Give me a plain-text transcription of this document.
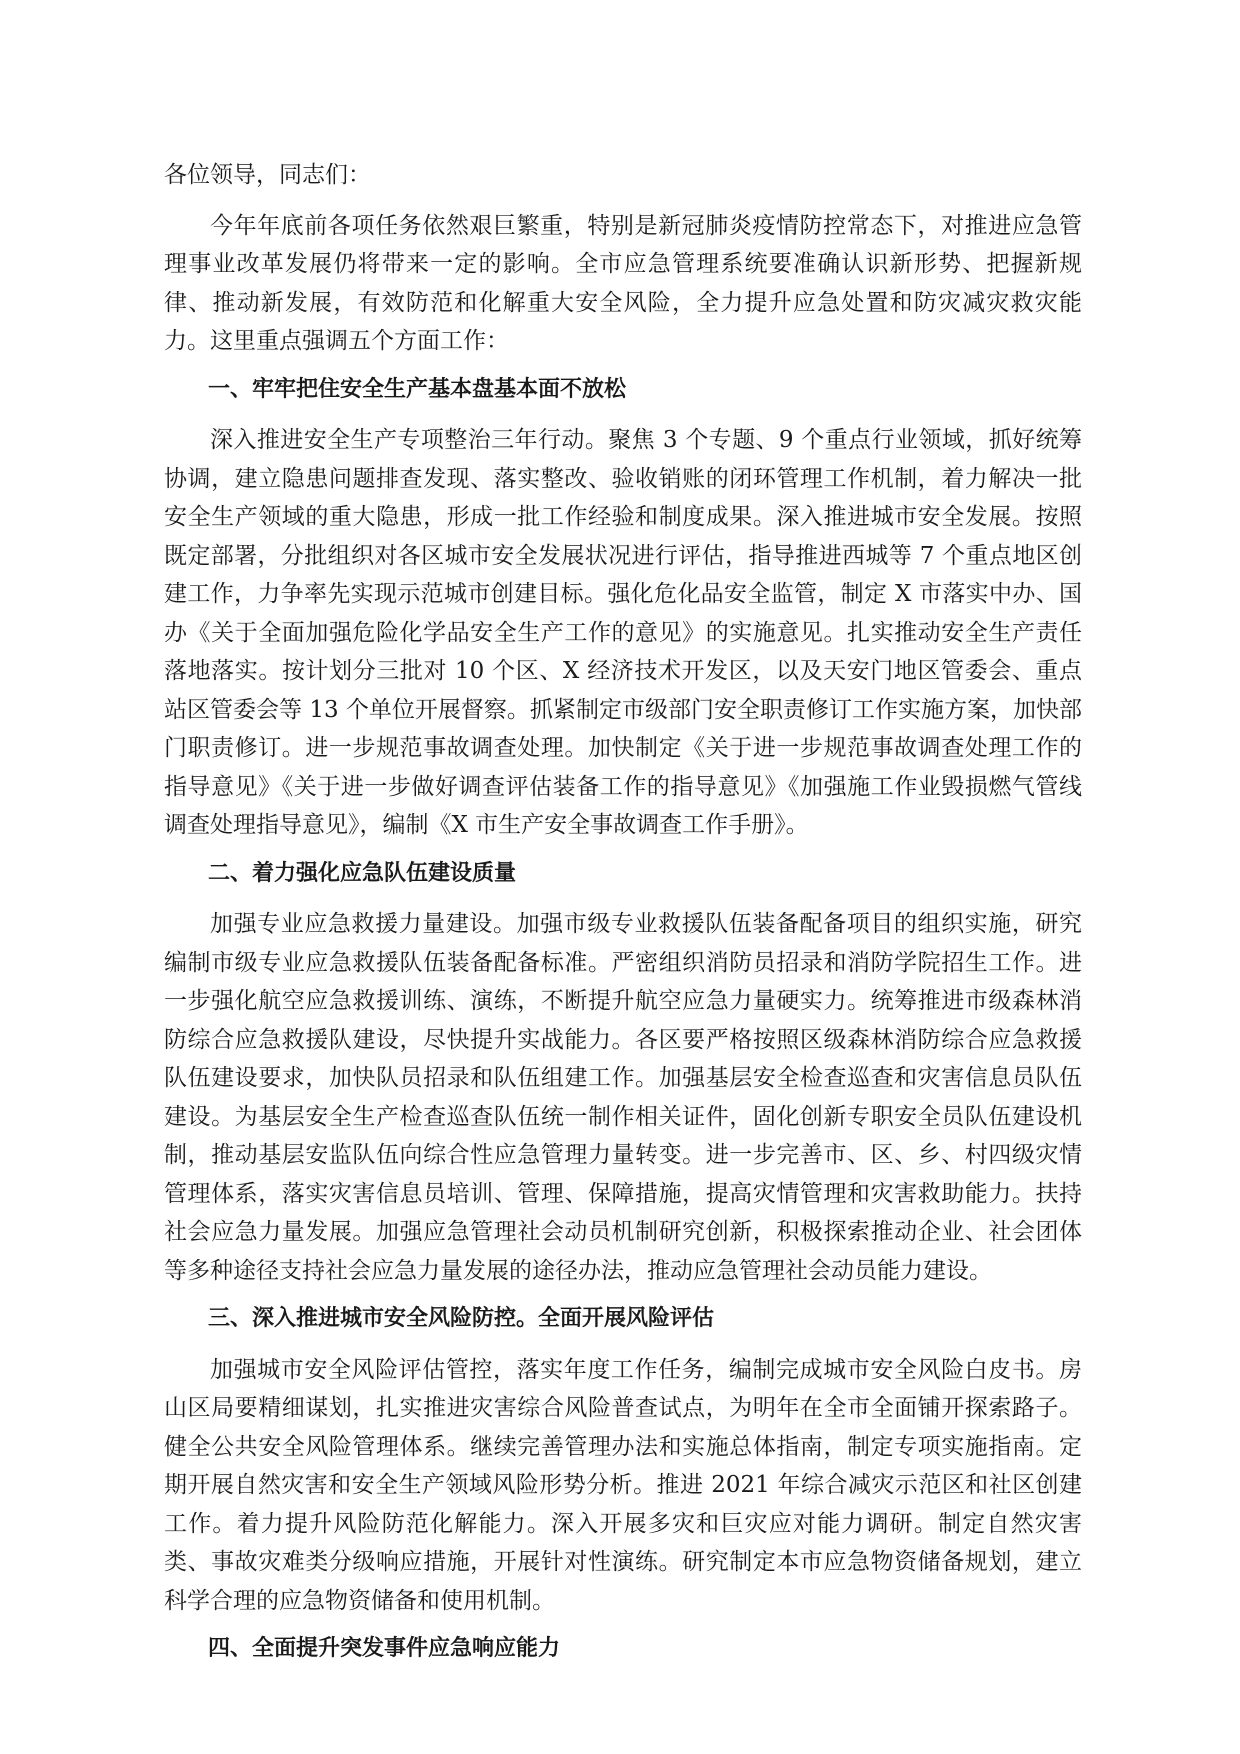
各位领导，同志们：

今年年底前各项任务依然艰巨繁重，特别是新冠肺炎疫情防控常态下，对推进应急管理事业改革发展仍将带来一定的影响。全市应急管理系统要准确认识新形势、把握新规律、推动新发展，有效防范和化解重大安全风险，全力提升应急处置和防灾减灾救灾能力。这里重点强调五个方面工作：

一、牢牢把住安全生产基本盘基本面不放松

深入推进安全生产专项整治三年行动。聚焦 3 个专题、9 个重点行业领域，抓好统筹协调，建立隐患问题排查发现、落实整改、验收销账的闭环管理工作机制，着力解决一批安全生产领域的重大隐患，形成一批工作经验和制度成果。深入推进城市安全发展。按照既定部署，分批组织对各区城市安全发展状况进行评估，指导推进西城等 7 个重点地区创建工作，力争率先实现示范城市创建目标。强化危化品安全监管，制定 X 市落实中办、国办《关于全面加强危险化学品安全生产工作的意见》的实施意见。扎实推动安全生产责任落地落实。按计划分三批对 10 个区、X 经济技术开发区，以及天安门地区管委会、重点站区管委会等 13 个单位开展督察。抓紧制定市级部门安全职责修订工作实施方案，加快部门职责修订。进一步规范事故调查处理。加快制定《关于进一步规范事故调查处理工作的指导意见》《关于进一步做好调查评估装备工作的指导意见》《加强施工作业毁损燃气管线调查处理指导意见》，编制《X 市生产安全事故调查工作手册》。

二、着力强化应急队伍建设质量

加强专业应急救援力量建设。加强市级专业救援队伍装备配备项目的组织实施，研究编制市级专业应急救援队伍装备配备标准。严密组织消防员招录和消防学院招生工作。进一步强化航空应急救援训练、演练，不断提升航空应急力量硬实力。统筹推进市级森林消防综合应急救援队建设，尽快提升实战能力。各区要严格按照区级森林消防综合应急救援队伍建设要求，加快队员招录和队伍组建工作。加强基层安全检查巡查和灾害信息员队伍建设。为基层安全生产检查巡查队伍统一制作相关证件，固化创新专职安全员队伍建设机制，推动基层安监队伍向综合性应急管理力量转变。进一步完善市、区、乡、村四级灾情管理体系，落实灾害信息员培训、管理、保障措施，提高灾情管理和灾害救助能力。扶持社会应急力量发展。加强应急管理社会动员机制研究创新，积极探索推动企业、社会团体等多种途径支持社会应急力量发展的途径办法，推动应急管理社会动员能力建设。

三、深入推进城市安全风险防控。全面开展风险评估

加强城市安全风险评估管控，落实年度工作任务，编制完成城市安全风险白皮书。房山区局要精细谋划，扎实推进灾害综合风险普查试点，为明年在全市全面铺开探索路子。健全公共安全风险管理体系。继续完善管理办法和实施总体指南，制定专项实施指南。定期开展自然灾害和安全生产领域风险形势分析。推进 2021 年综合减灾示范区和社区创建工作。着力提升风险防范化解能力。深入开展多灾和巨灾应对能力调研。制定自然灾害类、事故灾难类分级响应措施，开展针对性演练。研究制定本市应急物资储备规划，建立科学合理的应急物资储备和使用机制。

四、全面提升突发事件应急响应能力
